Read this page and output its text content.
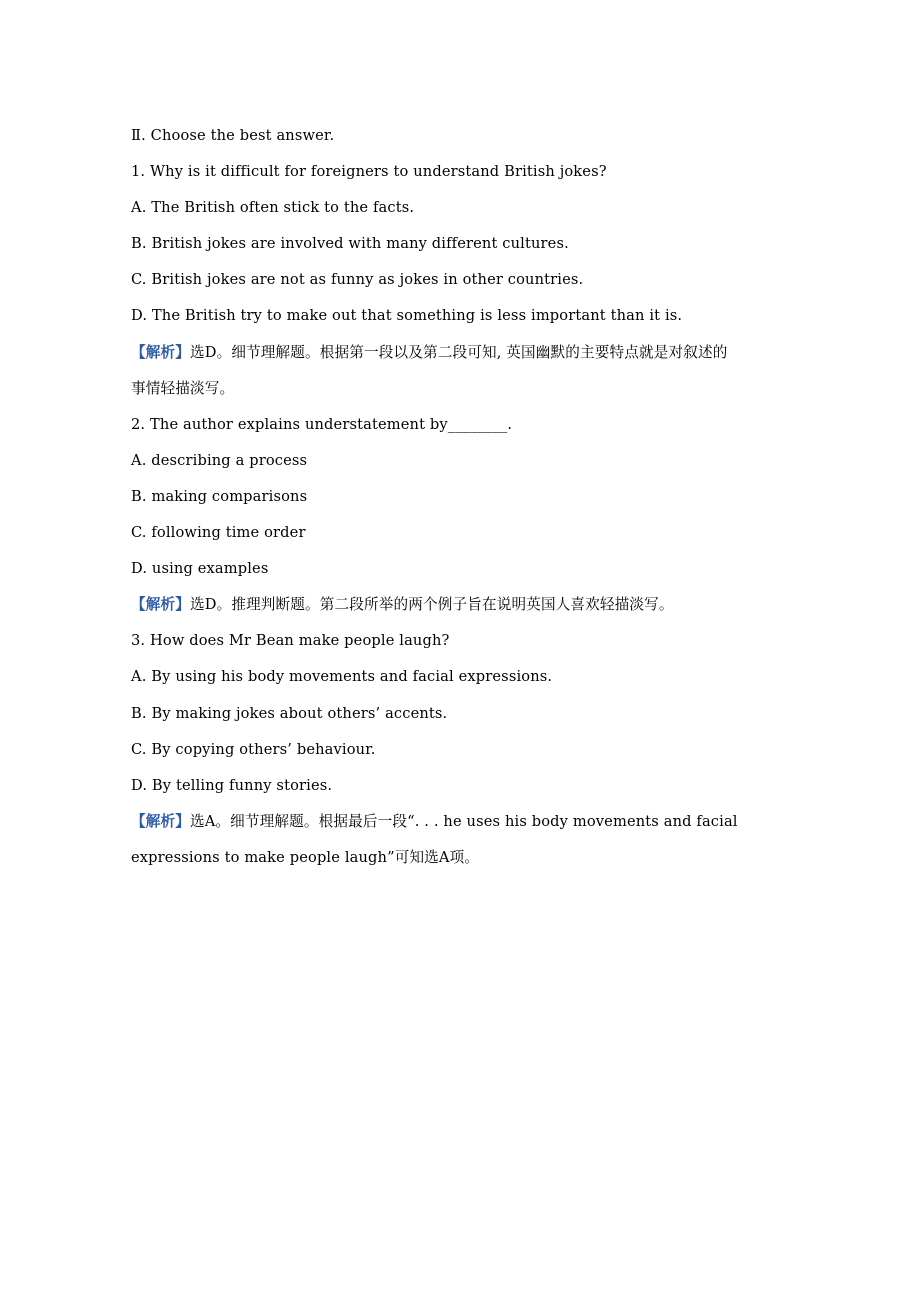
Ⅱ. Choose the best answer.
1. Why is it difficult for foreigners to understand British jokes?
A. The British often stick to the facts.
B. British jokes are involved with many different cultures.
C. British jokes are not as funny as jokes in other countries.
D. The British try to make out that something is less important than it is.
【解析】选D。细节理解题。根据第一段以及第二段可知, 英国幽默的主要特点就是对叙述的
事情轻描淡写。
2. The author explains understatement by________.
A. describing a process
B. making comparisons
C. following time order
D. using examples
【解析】选D。推理判断题。第二段所举的两个例子旨在说明英国人喜欢轻描淡写。
3. How does Mr Bean make people laugh?
A. By using his body movements and facial expressions.
B. By making jokes about others’ accents.
C. By copying others’ behaviour.
D. By telling funny stories.
【解析】选A。细节理解题。根据最后一段“. . . he uses his body movements and facial
expressions to make people laugh”可知选A项。
